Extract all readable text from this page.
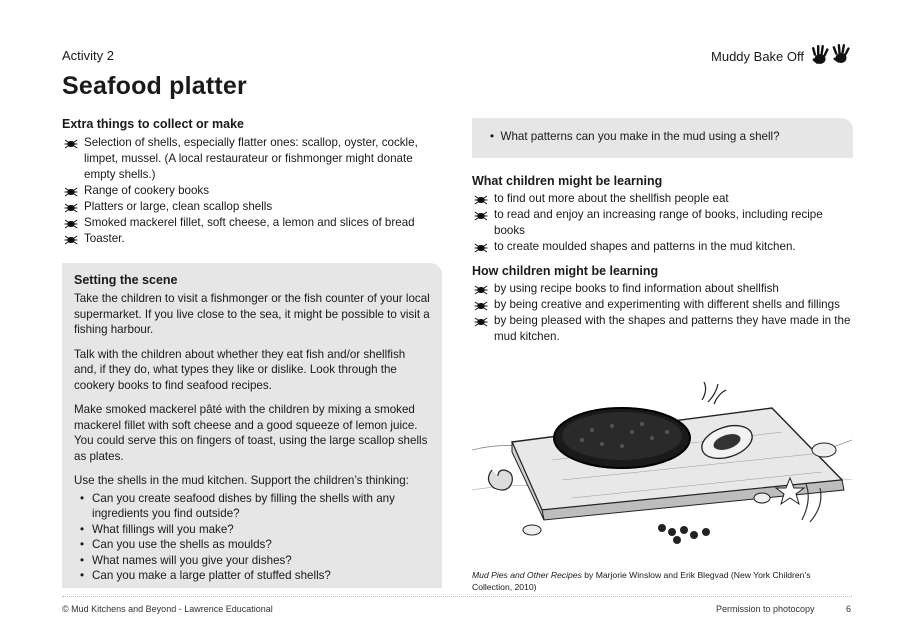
Activity 2	Muddy Bake Off
Seafood platter
Extra things to collect or make
Selection of shells, especially flatter ones: scallop, oyster, cockle, limpet, mussel. (A local restaurateur or fishmonger might donate empty shells.)
Range of cookery books
Platters or large, clean scallop shells
Smoked mackerel fillet, soft cheese, a lemon and slices of bread
Toaster.
Setting the scene

Take the children to visit a fishmonger or the fish counter of your local supermarket. If you live close to the sea, it might be possible to visit a fishing harbour.

Talk with the children about whether they eat fish and/or shellfish and, if they do, what types they like or dislike. Look through the cookery books to find seafood recipes.

Make smoked mackerel pâté with the children by mixing a smoked mackerel fillet with soft cheese and a good squeeze of lemon juice. You could serve this on fingers of toast, using the large scallop shells as plates.

Use the shells in the mud kitchen. Support the children’s thinking:

• Can you create seafood dishes by filling the shells with any ingredients you find outside?
• What fillings will you make?
• Can you use the shells as moulds?
• What names will you give your dishes?
• Can you make a large platter of stuffed shells?
•  What patterns can you make in the mud using a shell?
What children might be learning
to find out more about the shellfish people eat
to read and enjoy an increasing range of books, including recipe books
to create moulded shapes and patterns in the mud kitchen.
How children might be learning
by using recipe books to find information about shellfish
by being creative and experimenting with different shells and fillings
by being pleased with the shapes and patterns they have made in the mud kitchen.
Mud Pies and Other Recipes by Marjorie Winslow and Erik Blegvad (New York Children’s Collection, 2010)
© Mud Kitchens and Beyond - Lawrence Educational	Permission to photocopy	6
